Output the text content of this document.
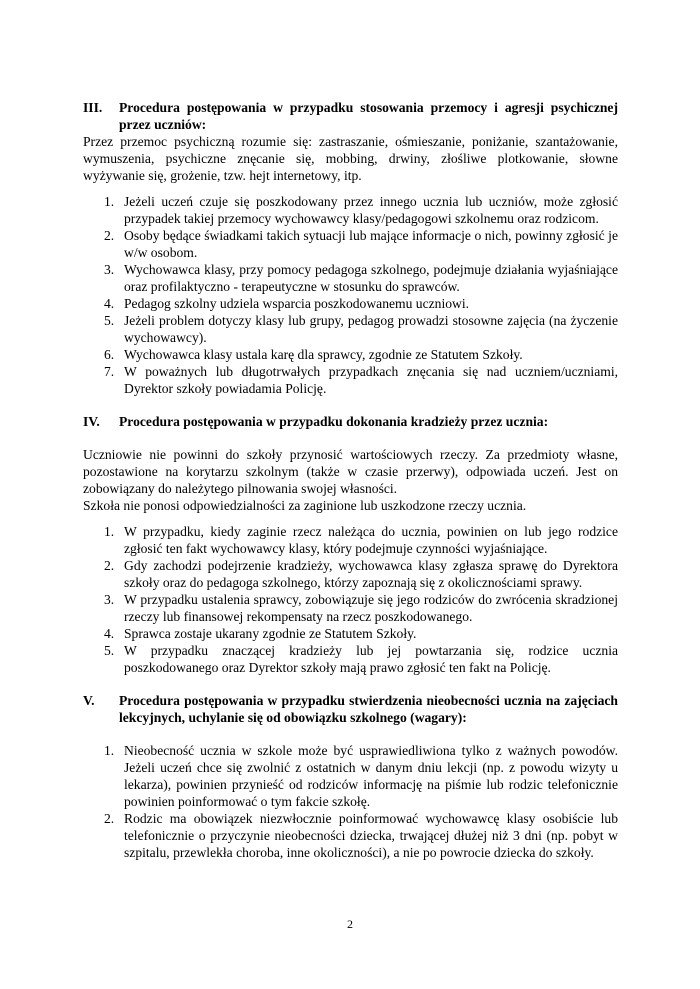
III.	Procedura postępowania w przypadku stosowania przemocy i agresji psychicznej przez uczniów:
Przez przemoc psychiczną rozumie się: zastraszanie, ośmieszanie, poniżanie, szantażowanie, wymuszenia, psychiczne znęcanie się, mobbing, drwiny, złośliwe plotkowanie, słowne wyżywanie się, grożenie, tzw. hejt internetowy, itp.
1. Jeżeli uczeń czuje się poszkodowany przez innego ucznia lub uczniów, może zgłosić przypadek takiej przemocy wychowawcy klasy/pedagogowi szkolnemu oraz rodzicom.
2. Osoby będące świadkami takich sytuacji lub mające informacje o nich, powinny zgłosić je w/w osobom.
3. Wychowawca klasy, przy pomocy pedagoga szkolnego, podejmuje działania wyjaśniające oraz profilaktyczno - terapeutyczne w stosunku do sprawców.
4. Pedagog szkolny udziela wsparcia poszkodowanemu uczniowi.
5. Jeżeli problem dotyczy klasy lub grupy, pedagog prowadzi stosowne zajęcia (na życzenie wychowawcy).
6. Wychowawca klasy ustala karę dla sprawcy, zgodnie ze Statutem Szkoły.
7. W poważnych lub długotrwałych przypadkach znęcania się nad uczniem/uczniami, Dyrektor szkoły powiadamia Policję.
IV.	Procedura postępowania w przypadku dokonania kradzieży przez ucznia:
Uczniowie nie powinni do szkoły przynosić wartościowych rzeczy. Za przedmioty własne, pozostawione na korytarzu szkolnym (także w czasie przerwy), odpowiada uczeń. Jest on zobowiązany do należytego pilnowania swojej własności.
Szkoła nie ponosi odpowiedzialności za zaginione lub uszkodzone rzeczy ucznia.
1. W przypadku, kiedy zaginie rzecz należąca do ucznia, powinien on lub jego rodzice zgłosić ten fakt wychowawcy klasy, który podejmuje czynności wyjaśniające.
2. Gdy zachodzi podejrzenie kradzieży, wychowawca klasy zgłasza sprawę do Dyrektora szkoły oraz do pedagoga szkolnego, którzy zapoznają się z okolicznościami sprawy.
3. W przypadku ustalenia sprawcy, zobowiązuje się jego rodziców do zwrócenia skradzionej rzeczy lub finansowej rekompensaty na rzecz poszkodowanego.
4. Sprawca zostaje ukarany zgodnie ze Statutem Szkoły.
5. W przypadku znaczącej kradzieży lub jej powtarzania się, rodzice ucznia poszkodowanego oraz Dyrektor szkoły mają prawo zgłosić ten fakt na Policję.
V.	Procedura postępowania w przypadku stwierdzenia nieobecności ucznia na zajęciach lekcyjnych, uchylanie się od obowiązku szkolnego (wagary):
1. Nieobecność ucznia w szkole może być usprawiedliwiona tylko z ważnych powodów. Jeżeli uczeń chce się zwolnić z ostatnich w danym dniu lekcji (np. z powodu wizyty u lekarza), powinien przynieść od rodziców informację na piśmie lub rodzic telefonicznie powinien poinformować o tym fakcie szkołę.
2. Rodzic ma obowiązek niezwłocznie poinformować wychowawcę klasy osobiście lub telefonicznie o przyczynie nieobecności dziecka, trwającej dłużej niż 3 dni (np. pobyt w szpitalu, przewlekła choroba, inne okoliczności), a nie po powrocie dziecka do szkoły.
2
